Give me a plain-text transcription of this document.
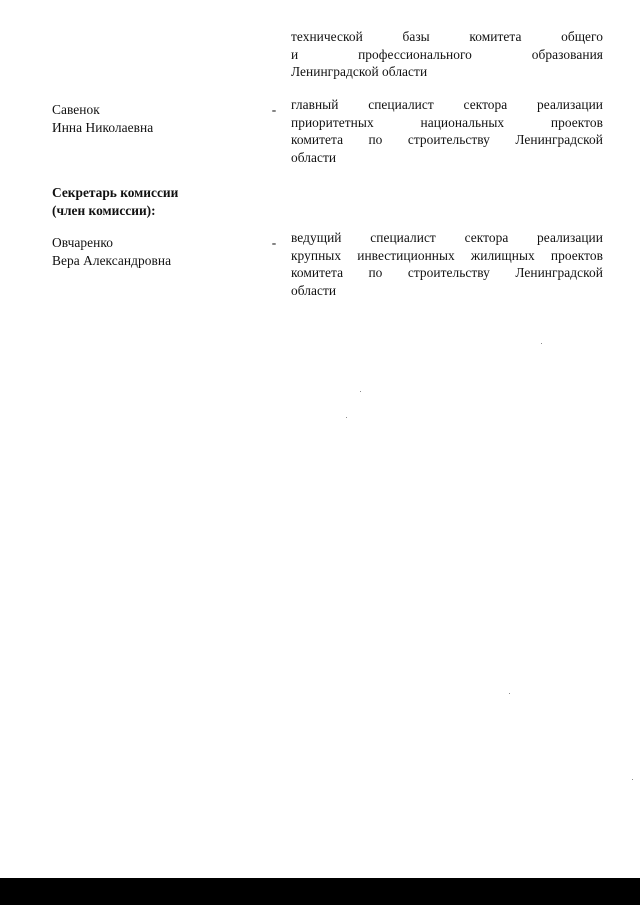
технической базы комитета общего
и профессионального образования
Ленинградской области
Савенок
Инна Николаевна
- главный специалист сектора реализации
приоритетных национальных проектов
комитета по строительству Ленинградской
области
Секретарь комиссии
(член комиссии):
Овчаренко
Вера Александровна
- ведущий специалист сектора реализации
крупных инвестиционных жилищных проектов
комитета по строительству Ленинградской
области
